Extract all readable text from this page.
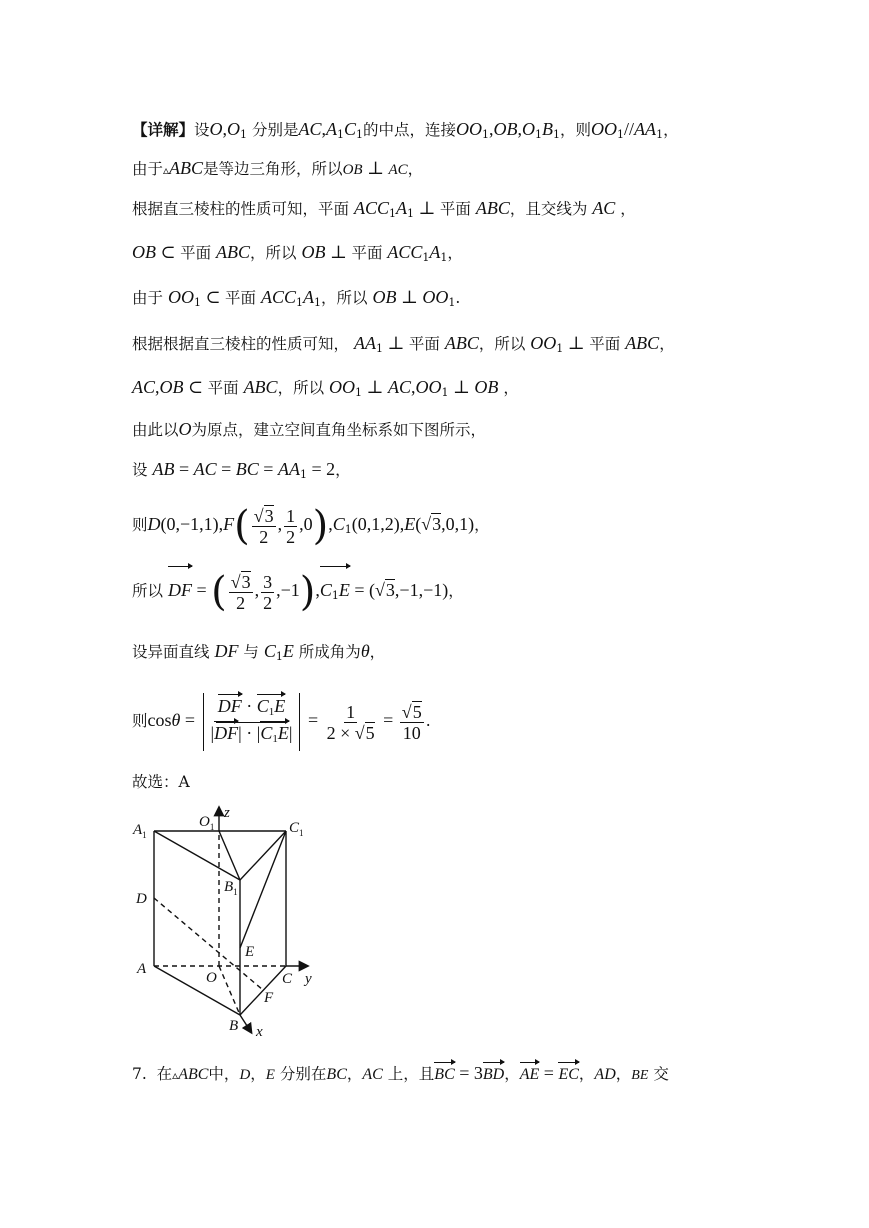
【详解】设$O,O_1$ 分别是$AC,A_1C_1$的中点，连接$OO_1,OB,O_1B_1$，则$OO_1//AA_1$，
由于▵ABC是等边三角形，所以OB ⊥ AC，
根据直三棱柱的性质可知，平面 $ACC_1A_1$ ⊥ 平面 ABC，且交线为 AC ，
OB ⊂ 平面 ABC，所以 OB ⊥ 平面 $ACC_1A_1$，
由于 $OO_1$ ⊂ 平面 $ACC_1A_1$，所以 OB ⊥ $OO_1$.
根据根据直三棱柱的性质可知， $AA_1$ ⊥ 平面 ABC，所以 $OO_1$ ⊥ 平面 ABC，
AC,OB ⊂ 平面 ABC，所以 $OO_1$ ⊥ $AC,OO_1$ ⊥ OB ，
由此以O为原点，建立空间直角坐标系如下图所示，
设 AB = AC = BC = $AA_1 = 2$，
则$D(0,-1,1),F( \frac{√3}{2}$ , $\frac{1}{2} ,0),C_1(0,1,2),E(√3,0,1)$，
所以 DF = ( $\frac{√3}{2}$ , $\frac{3}{2} ,-1),C_1E = (√3,-1,-1)$，
设异面直线 DF 与 $C_1E$ 所成角为θ，
则$\cos\theta = \frac{DF \cdot C_1E}{|DF| \cdot |C_1E|} = \frac{1}{2 \times √5} = \frac{√5}{10}$ .
故选：A
$A_1$
$O_1$
z
$C_1$
$B_1$
D
E
A
O	C y
F
B x
7. 在▵ABC中，D，E 分别在BC，AC 上，且BC = 3BD，AE = EC，AD，BE 交
